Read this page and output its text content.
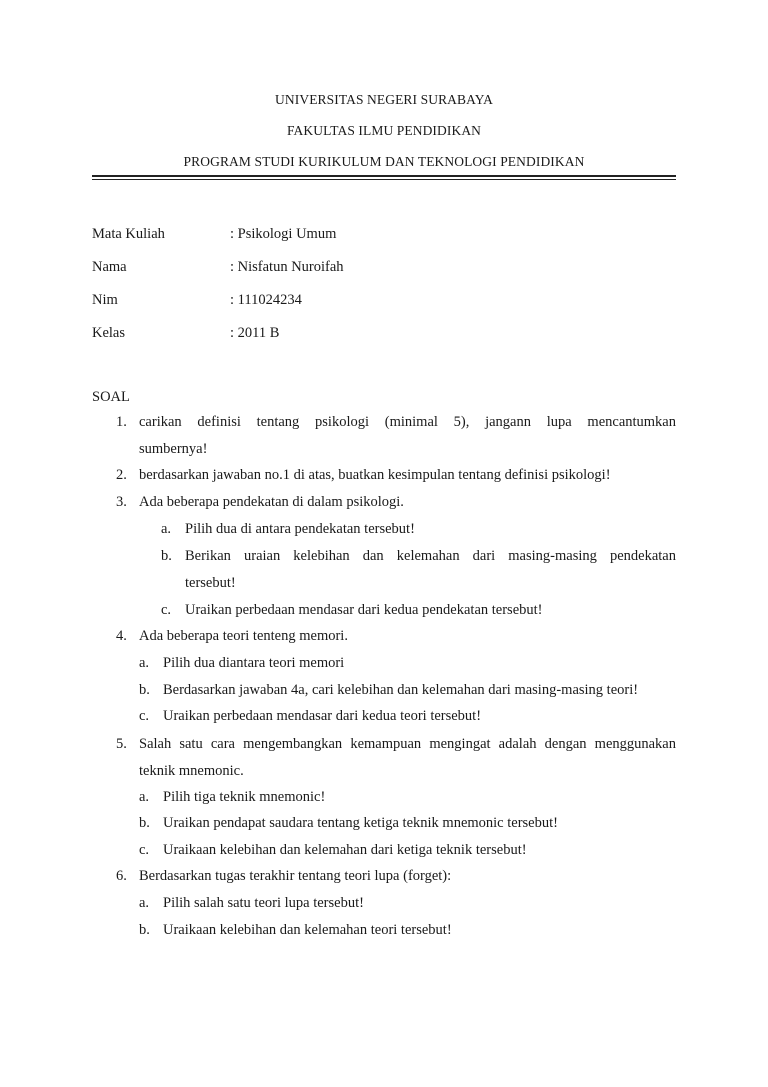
UNIVERSITAS NEGERI SURABAYA
FAKULTAS ILMU PENDIDIKAN
PROGRAM STUDI KURIKULUM DAN TEKNOLOGI PENDIDIKAN
Mata Kuliah	: Psikologi Umum
Nama	: Nisfatun Nuroifah
Nim	: 111024234
Kelas	: 2011 B
SOAL
1. carikan definisi tentang psikologi (minimal 5), jangann lupa mencantumkan
sumbernya!
2. berdasarkan jawaban no.1 di atas, buatkan kesimpulan tentang definisi psikologi!
3. Ada beberapa pendekatan di dalam psikologi.
a. Pilih dua di antara pendekatan tersebut!
b. Berikan uraian kelebihan dan kelemahan dari masing-masing pendekatan
tersebut!
c. Uraikan perbedaan mendasar dari kedua pendekatan tersebut!
4. Ada beberapa teori tenteng memori.
a. Pilih dua diantara teori memori
b. Berdasarkan jawaban 4a, cari kelebihan dan kelemahan dari masing-masing teori!
c. Uraikan perbedaan mendasar dari kedua teori tersebut!
5. Salah satu cara mengembangkan kemampuan mengingat adalah dengan menggunakan
teknik mnemonic.
a. Pilih tiga teknik mnemonic!
b. Uraikan pendapat saudara tentang ketiga teknik mnemonic tersebut!
c. Uraikaan kelebihan dan kelemahan dari ketiga teknik tersebut!
6. Berdasarkan tugas terakhir tentang teori lupa (forget):
a. Pilih salah satu teori lupa tersebut!
b. Uraikaan kelebihan dan kelemahan teori tersebut!
